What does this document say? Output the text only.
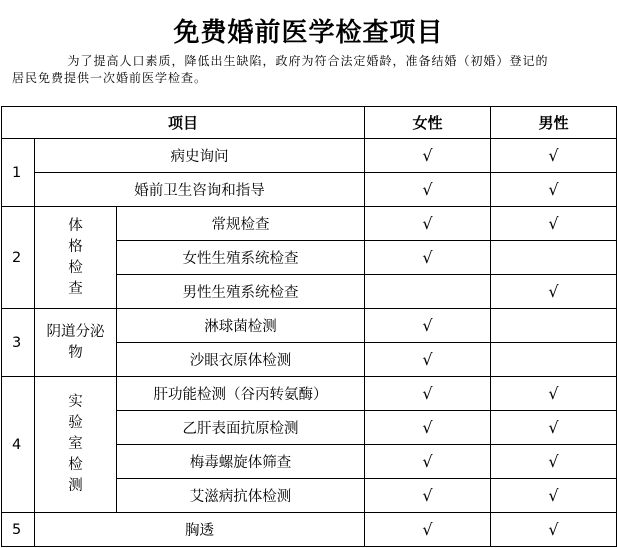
免费婚前医学检查项目
为了提高人口素质，降低出生缺陷，政府为符合法定婚龄，准备结婚（初婚）登记的
居民免费提供一次婚前医学检查。
项目			女性	男性
1	病史询问		√	√
	婚前卫生咨询和指导		√	√
2	体
格
检
查	常规检查	√	√
		女性生殖系统检查	√	
		男性生殖系统检查		√
3	阴道分泌
物	淋球菌检测	√	
		沙眼衣原体检测	√	
4	实
验
室
检
测	肝功能检测（谷丙转氨酶）	√	√
		乙肝表面抗原检测	√	√
		梅毒螺旋体筛查	√	√
		艾滋病抗体检测	√	√
5	胸透		√	√
